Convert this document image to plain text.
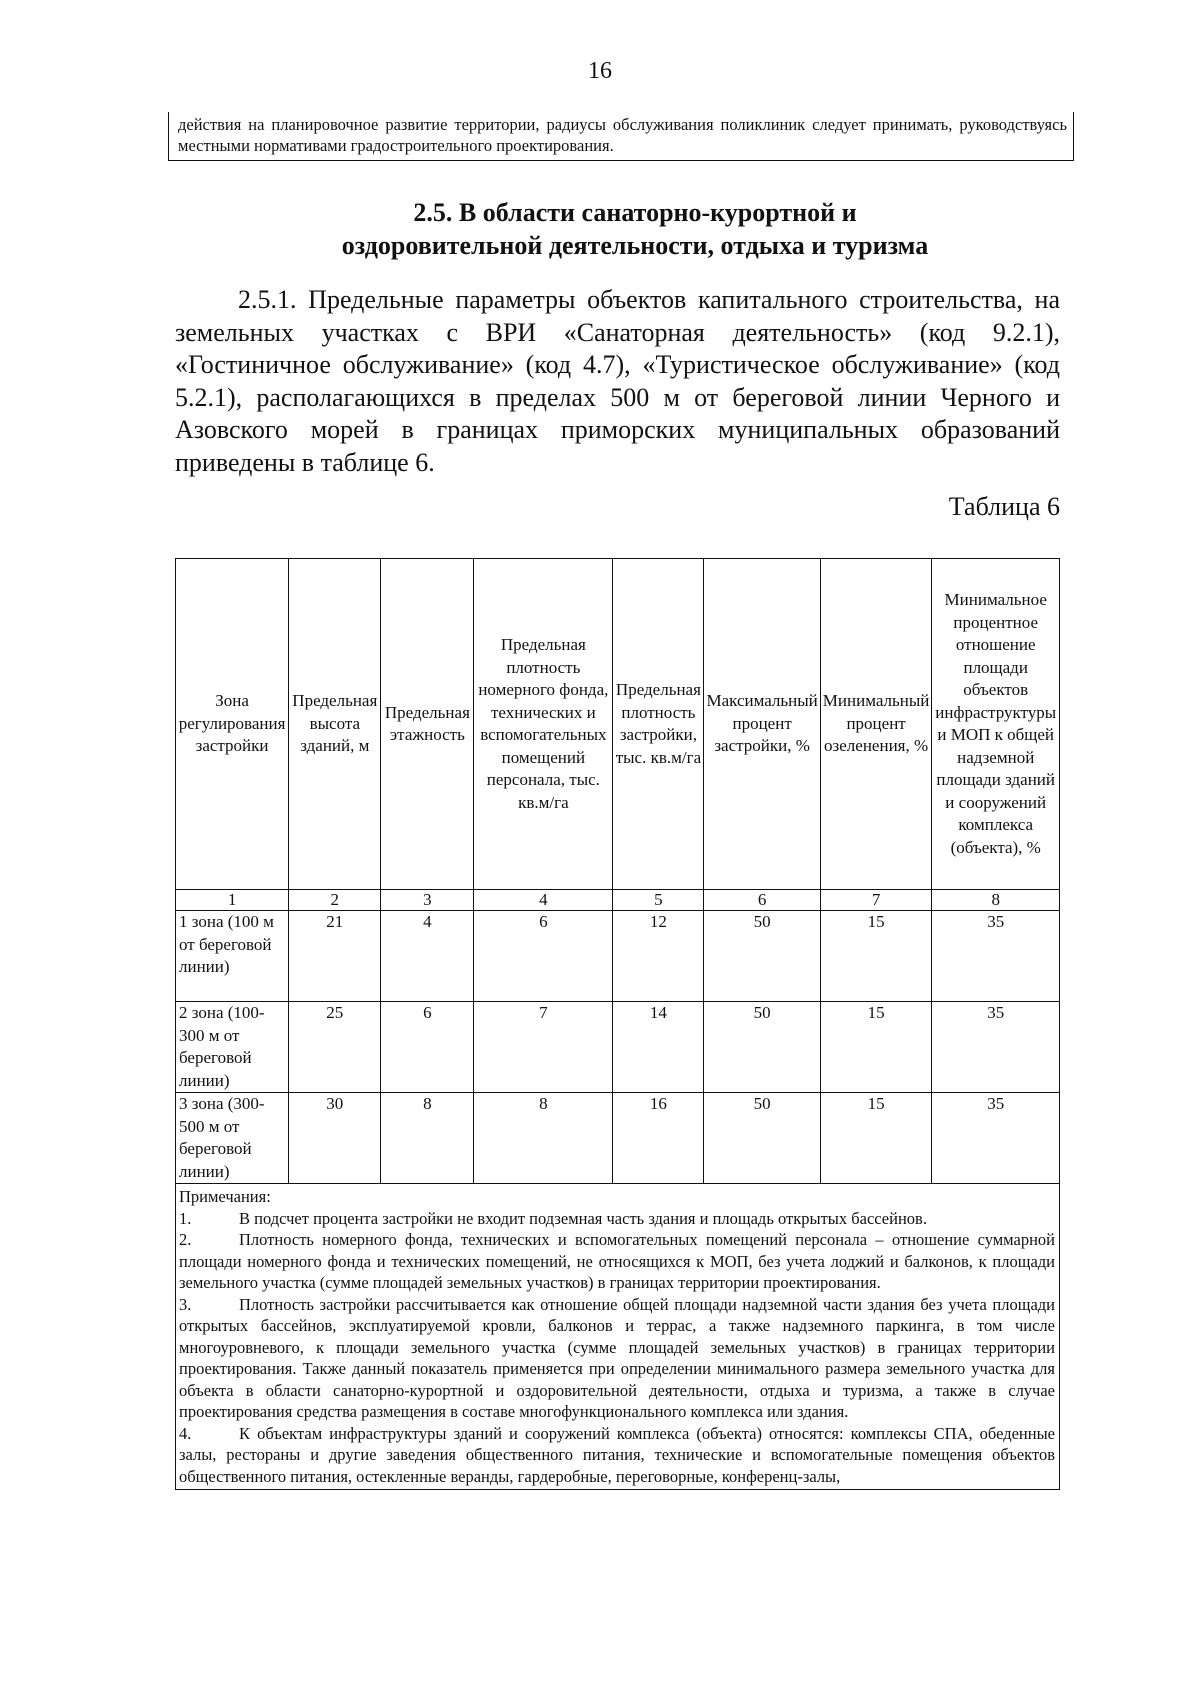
16
действия на планировочное развитие территории, радиусы обслуживания поликлиник следует принимать, руководствуясь местными нормативами градостроительного проектирования.
2.5. В области санаторно-курортной и
оздоровительной деятельности, отдыха и туризма
2.5.1. Предельные параметры объектов капитального строительства, на земельных участках с ВРИ «Санаторная деятельность» (код 9.2.1), «Гостиничное обслуживание» (код 4.7), «Туристическое обслуживание» (код 5.2.1), располагающихся в пределах 500 м от береговой линии Черного и Азовского морей в границах приморских муниципальных образований приведены в таблице 6.
Таблица 6
Зона регулирования застройки	Предельная высота зданий, м	Предельная этажность	Предельная плотность номерного фонда, технических и вспомогательных помещений персонала, тыс. кв.м/га	Предельная плотность застройки, тыс. кв.м/га	Максимальный процент застройки, %	Минимальный процент озеленения, %	Минимальное процентное отношение площади объектов инфраструктуры и МОП к общей надземной площади зданий и сооружений комплекса (объекта), %
1	2	3	4	5	6	7	8
1 зона (100 м от береговой линии)	21	4	6	12	50	15	35
2 зона (100-300 м от береговой линии)	25	6	7	14	50	15	35
3 зона (300-500 м от береговой линии)	30	8	8	16	50	15	35

Примечания:
1. В подсчет процента застройки не входит подземная часть здания и площадь открытых бассейнов.
2. Плотность номерного фонда, технических и вспомогательных помещений персонала – отношение суммарной площади номерного фонда и технических помещений, не относящихся к МОП, без учета лоджий и балконов, к площади земельного участка (сумме площадей земельных участков) в границах территории проектирования.
3. Плотность застройки рассчитывается как отношение общей площади надземной части здания без учета площади открытых бассейнов, эксплуатируемой кровли, балконов и террас, а также надземного паркинга, в том числе многоуровневого, к площади земельного участка (сумме площадей земельных участков) в границах территории проектирования. Также данный показатель применяется при определении минимального размера земельного участка для объекта в области санаторно-курортной и оздоровительной деятельности, отдыха и туризма, а также в случае проектирования средства размещения в составе многофункционального комплекса или здания.
4. К объектам инфраструктуры зданий и сооружений комплекса (объекта) относятся: комплексы СПА, обеденные залы, рестораны и другие заведения общественного питания, технические и вспомогательные помещения объектов общественного питания, остекленные веранды, гардеробные, переговорные, конференц-залы,							
